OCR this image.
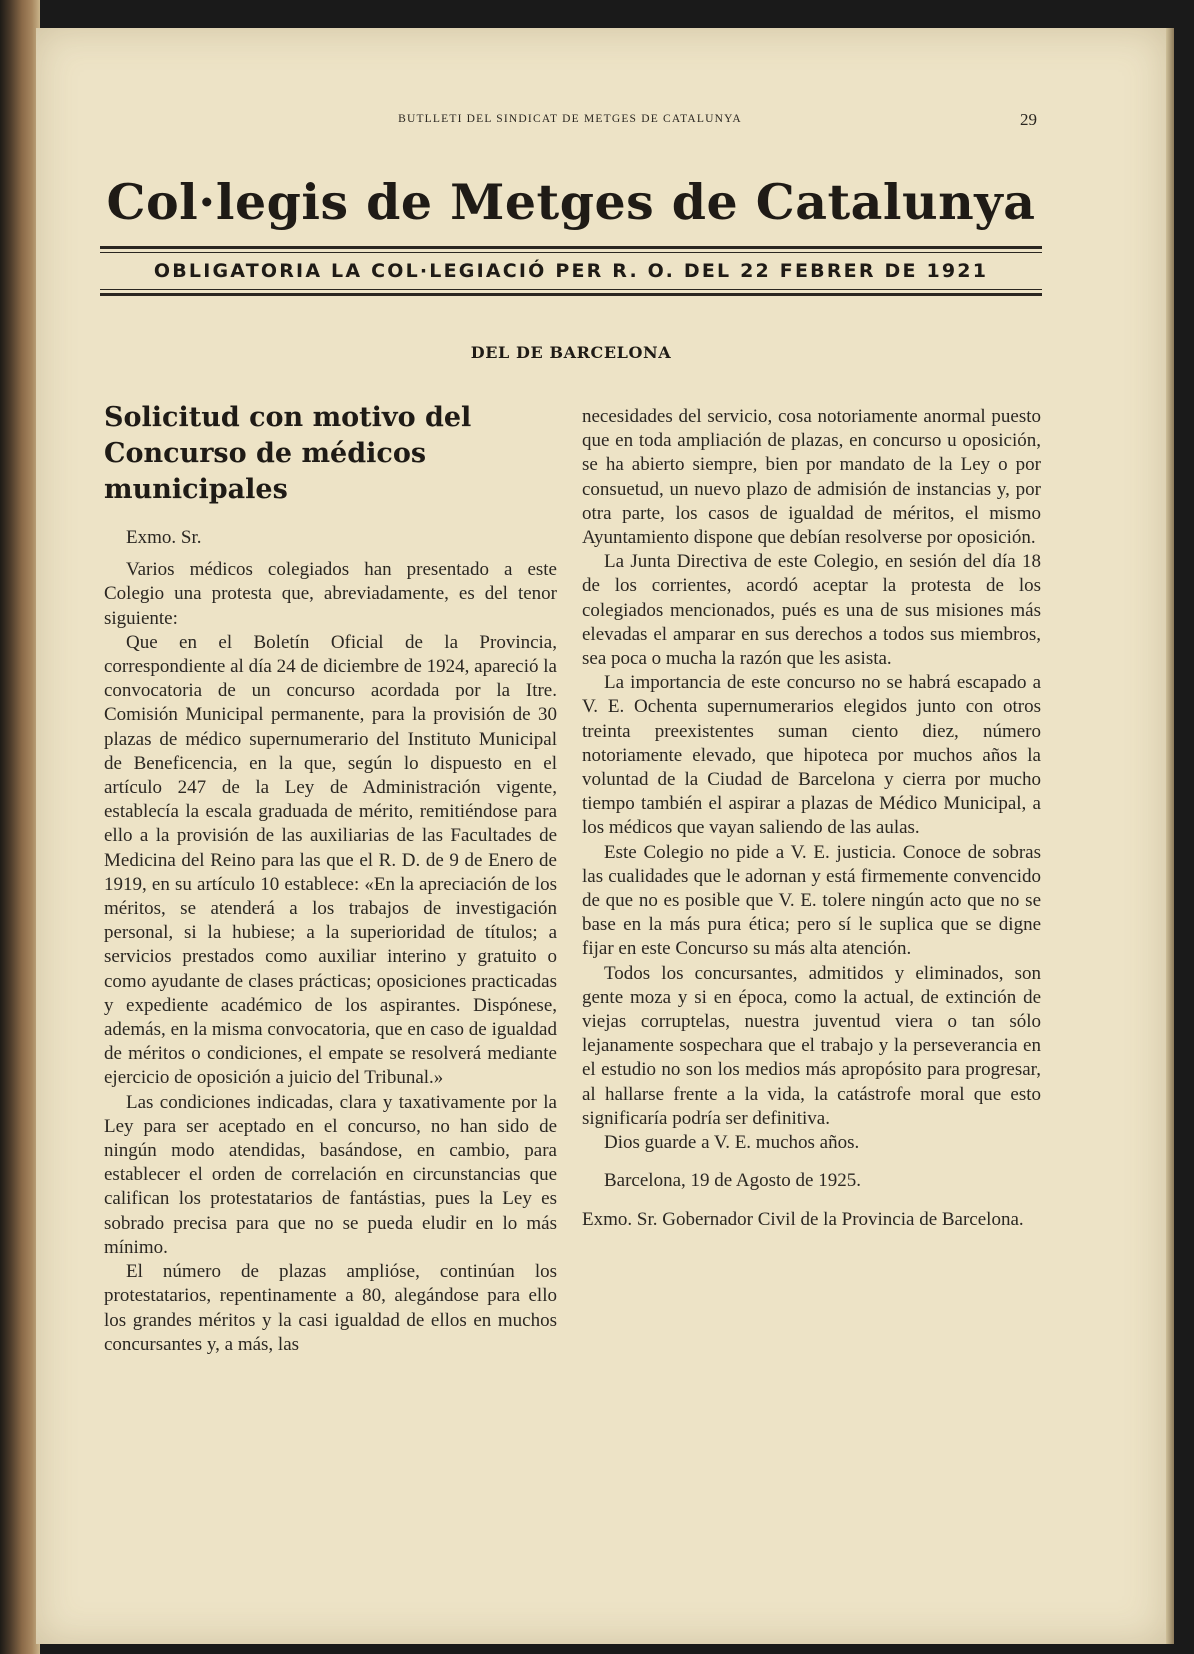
BUTLLETI DEL SINDICAT DE METGES DE CATALUNYA	29
Col·legis de Metges de Catalunya
OBLIGATORIA LA COL·LEGIACIÓ PER R. O. DEL 22 FEBRER DE 1921
DEL DE BARCELONA
Solicitud con motivo del Concurso de médicos municipales

Exmo. Sr.

Varios médicos colegiados han presentado a este Colegio una protesta que, abreviadamente, es del tenor siguiente:

Que en el Boletín Oficial de la Provincia, correspondiente al día 24 de diciembre de 1924, apareció la convocatoria de un concurso acordada por la Itre. Comisión Municipal permanente, para la provisión de 30 plazas de médico supernumerario del Instituto Municipal de Beneficencia, en la que, según lo dispuesto en el artículo 247 de la Ley de Administración vigente, establecía la escala graduada de mérito, remitiéndose para ello a la provisión de las auxiliarias de las Facultades de Medicina del Reino para las que el R. D. de 9 de Enero de 1919, en su artículo 10 establece: «En la apreciación de los méritos, se atenderá a los trabajos de investigación personal, si la hubiese; a la superioridad de títulos; a servicios prestados como auxiliar interino y gratuito o como ayudante de clases prácticas; oposiciones practicadas y expediente académico de los aspirantes. Dispónese, además, en la misma convocatoria, que en caso de igualdad de méritos o condiciones, el empate se resolverá mediante ejercicio de oposición a juicio del Tribunal.»

Las condiciones indicadas, clara y taxativamente por la Ley para ser aceptado en el concurso, no han sido de ningún modo atendidas, basándose, en cambio, para establecer el orden de correlación en circunstancias que califican los protestatarios de fantástias, pues la Ley es sobrado precisa para que no se pueda eludir en lo más mínimo.

El número de plazas amplióse, continúan los protestatarios, repentinamente a 80, alegándose para ello los grandes méritos y la casi igualdad de ellos en muchos concursantes y, a más, las

necesidades del servicio, cosa notoriamente anormal puesto que en toda ampliación de plazas, en concurso u oposición, se ha abierto siempre, bien por mandato de la Ley o por consuetud, un nuevo plazo de admisión de instancias y, por otra parte, los casos de igualdad de méritos, el mismo Ayuntamiento dispone que debían resolverse por oposición.

La Junta Directiva de este Colegio, en sesión del día 18 de los corrientes, acordó aceptar la protesta de los colegiados mencionados, pués es una de sus misiones más elevadas el amparar en sus derechos a todos sus miembros, sea poca o mucha la razón que les asista.

La importancia de este concurso no se habrá escapado a V. E. Ochenta supernumerarios elegidos junto con otros treinta preexistentes suman ciento diez, número notoriamente elevado, que hipoteca por muchos años la voluntad de la Ciudad de Barcelona y cierra por mucho tiempo también el aspirar a plazas de Médico Municipal, a los médicos que vayan saliendo de las aulas.

Este Colegio no pide a V. E. justicia. Conoce de sobras las cualidades que le adornan y está firmemente convencido de que no es posible que V. E. tolere ningún acto que no se base en la más pura ética; pero sí le suplica que se digne fijar en este Concurso su más alta atención.

Todos los concursantes, admitidos y eliminados, son gente moza y si en época, como la actual, de extinción de viejas corruptelas, nuestra juventud viera o tan sólo lejanamente sospechara que el trabajo y la perseverancia en el estudio no son los medios más apropósito para progresar, al hallarse frente a la vida, la catástrofe moral que esto significaría podría ser definitiva.

Dios guarde a V. E. muchos años.

Barcelona, 19 de Agosto de 1925.

Exmo. Sr. Gobernador Civil de la Provincia de Barcelona.
